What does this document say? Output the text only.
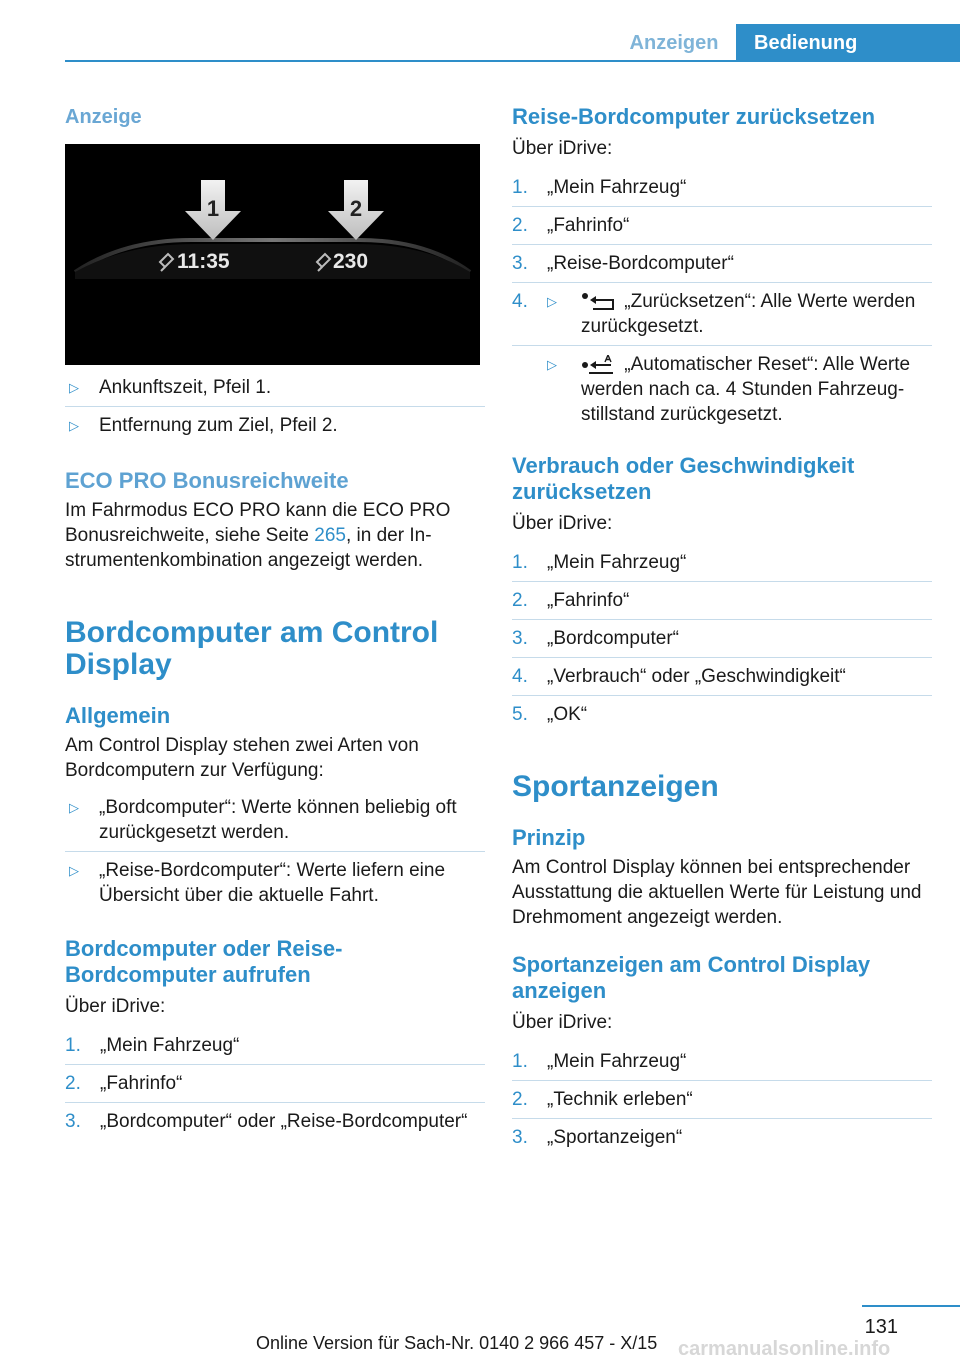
Anzeigen	Bedienung
Anzeige
1	2
11:35	230
▷	Ankunftszeit, Pfeil 1.
▷	Entfernung zum Ziel, Pfeil 2.
ECO PRO Bonusreichweite

Im Fahrmodus ECO PRO kann die ECO PRO Bonusreichweite, siehe Seite 265, in der Instrumentenkombination angezeigt werden.

Bordcomputer am Control Display
Allgemein

Am Control Display stehen zwei Arten von Bordcomputern zur Verfügung:

▷	„Bordcomputer“: Werte können beliebig oft zurückgesetzt werden.
▷	„Reise-Bordcomputer“: Werte liefern eine Übersicht über die aktuelle Fahrt.
Bordcomputer oder Reise-Bordcomputer aufrufen

Über iDrive:

1.	„Mein Fahrzeug“
2.	„Fahrinfo“
3.	„Bordcomputer“ oder „Reise-Bordcomputer“
Reise-Bordcomputer zurücksetzen

Über iDrive:

1.	„Mein Fahrzeug“
2.	„Fahrinfo“
3.	„Reise-Bordcomputer“
4.	▷	„Zurücksetzen“: Alle Werte werden zurückgesetzt.
▷	„Automatischer Reset“: Alle Werte werden nach ca. 4 Stunden Fahrzeugstillstand zurückgesetzt.
Verbrauch oder Geschwindigkeit zurücksetzen

Über iDrive:

1.	„Mein Fahrzeug“
2.	„Fahrinfo“
3.	„Bordcomputer“
4.	„Verbrauch“ oder „Geschwindigkeit“
5.	„OK“
Sportanzeigen
Prinzip

Am Control Display können bei entsprechender Ausstattung die aktuellen Werte für Leistung und Drehmoment angezeigt werden.

Sportanzeigen am Control Display anzeigen

Über iDrive:

1.	„Mein Fahrzeug“
2.	„Technik erleben“
3.	„Sportanzeigen“
131
Online Version für Sach-Nr. 0140 2 966 457 - X/15 carmanualsonline.info
